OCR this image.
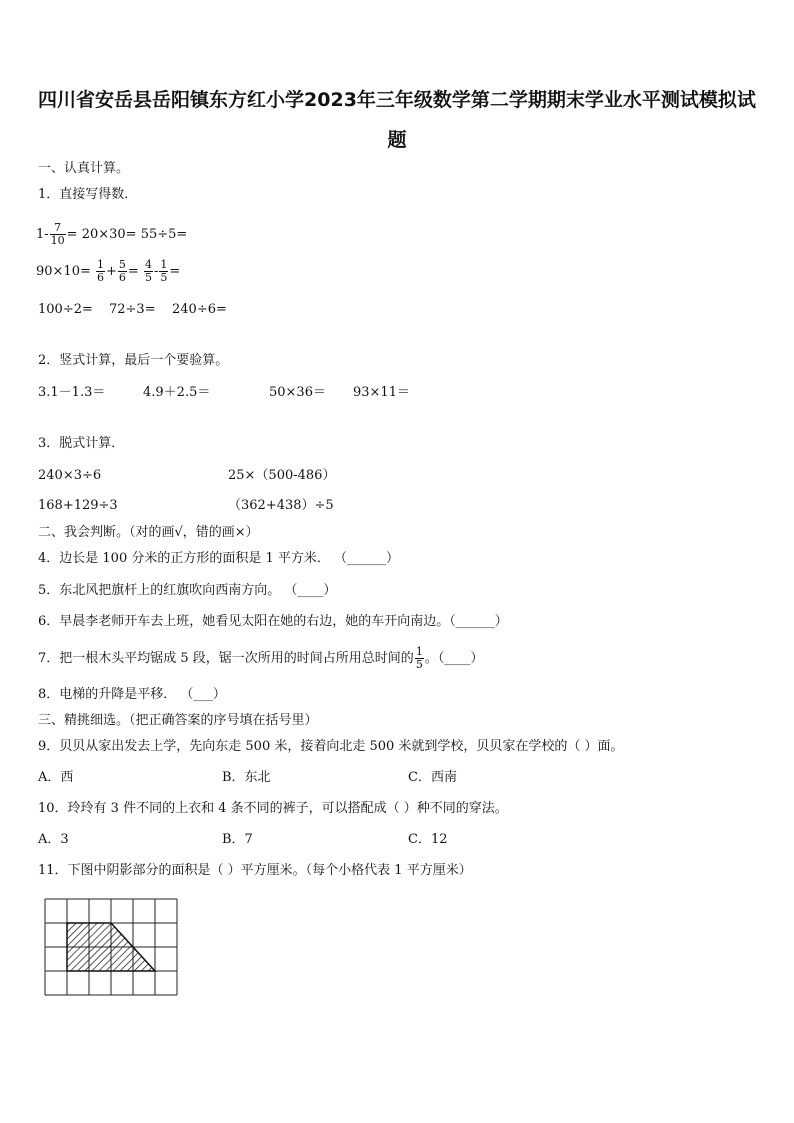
四川省安岳县岳阳镇东方红小学2023年三年级数学第二学期期末学业水平测试模拟试
题
一、认真计算。
1．直接写得数．
$1- \frac{7}{10} = 20\times 30= 55\div 5=$
$90\times 10= \frac{1}{6} + \frac{5}{6} = \frac{4}{5} - \frac{1}{5}$ =
100÷2= 72÷3= 240÷6=
2．竖式计算，最后一个要验算。
3.1－1.3＝	4.9＋2.5＝	50×36＝ 93×11＝
3．脱式计算．
240×3÷6	25×（500-486）
168+129÷3	（362+438）÷5
二、我会判断。（对的画√，错的画×）
4．边长是 100 分米的正方形的面积是 1 平方米． （______）
5．东北风把旗杆上的红旗吹向西南方向。 （____）
6．早晨李老师开车去上班，她看见太阳在她的右边，她的车开向南边。（______）
7．把一根木头平均锯成 5 段，锯一次所用的时间占所用总时间的 $\frac{1}{5}$ 。（____）
8．电梯的升降是平移． （___）
三、精挑细选。（把正确答案的序号填在括号里）
9．贝贝从家出发去上学，先向东走 500 米，接着向北走 500 米就到学校，贝贝家在学校的（ ）面。
A．西	B．东北	C．西南
10．玲玲有 3 件不同的上衣和 4 条不同的裤子，可以搭配成（ ）种不同的穿法。
A．3	B．7	C．12
11．下图中阴影部分的面积是（ ）平方厘米。（每个小格代表 1 平方厘米）
